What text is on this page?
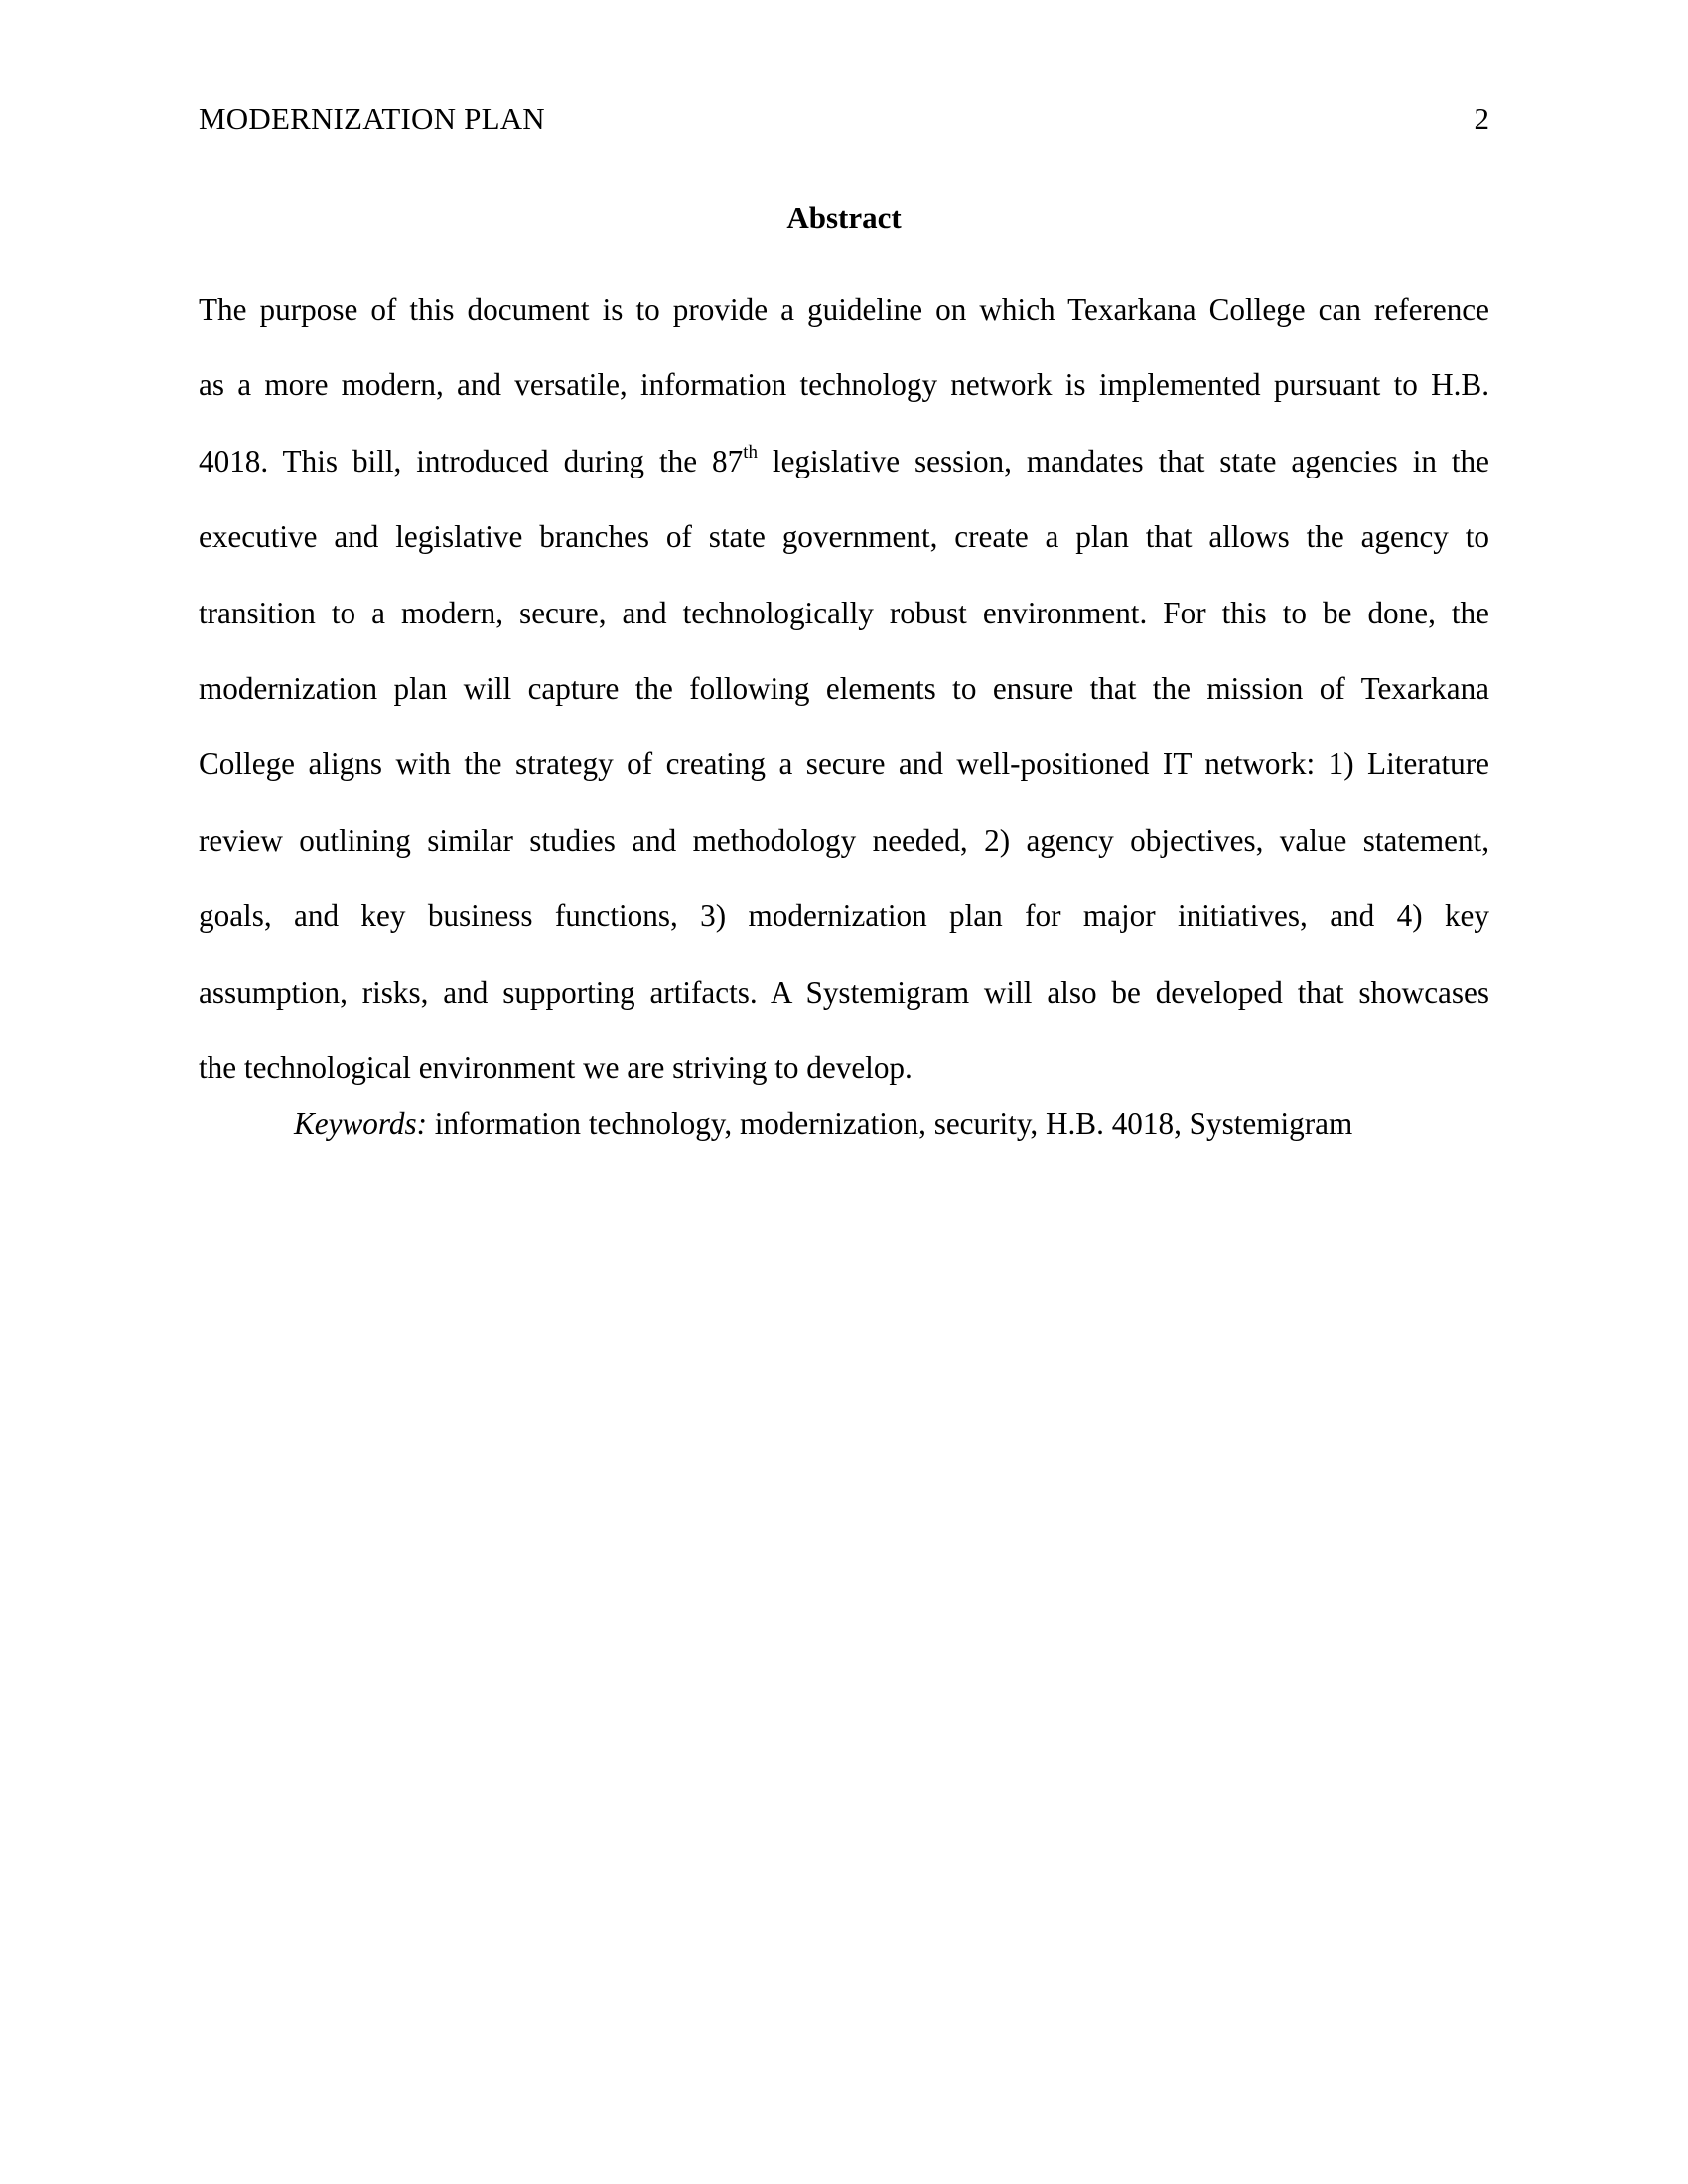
MODERNIZATION PLAN	2
Abstract
The purpose of this document is to provide a guideline on which Texarkana College can reference
as a more modern, and versatile, information technology network is implemented pursuant to H.B.
4018. This bill, introduced during the 87th legislative session, mandates that state agencies in the
executive and legislative branches of state government, create a plan that allows the agency to
transition to a modern, secure, and technologically robust environment. For this to be done, the
modernization plan will capture the following elements to ensure that the mission of Texarkana
College aligns with the strategy of creating a secure and well-positioned IT network: 1) Literature
review outlining similar studies and methodology needed, 2) agency objectives, value statement,
goals, and key business functions, 3) modernization plan for major initiatives, and 4) key
assumption, risks, and supporting artifacts. A Systemigram will also be developed that showcases
the technological environment we are striving to develop.
Keywords: information technology, modernization, security, H.B. 4018, Systemigram
